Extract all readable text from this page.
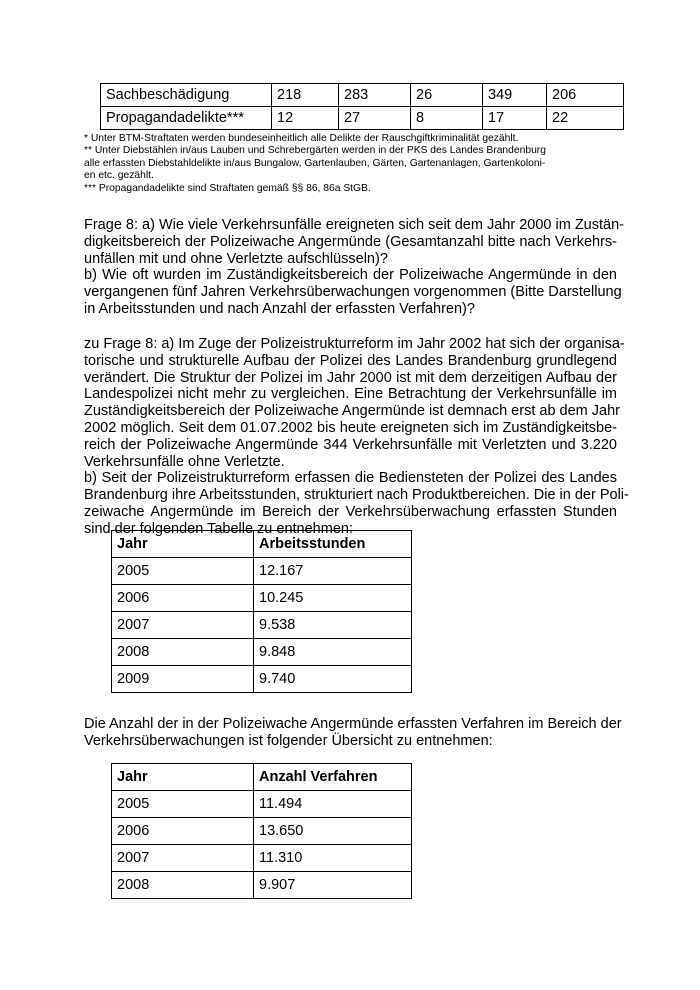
	Sachbeschädigung	218	283	26	349	206
	Propagandadelikte***	12	27	8	17	22
* Unter BTM-Straftaten werden bundeseinheitlich alle Delikte der Rauschgiftkriminalität gezählt.
** Unter Diebstählen in/aus Lauben und Schrebergärten werden in der PKS des Landes Brandenburg
alle erfassten Diebstahldelikte in/aus Bungalow, Gartenlauben, Gärten, Gartenanlagen, Gartenkoloni-
en etc. gezählt.
*** Propagandadelikte sind Straftaten gemäß §§ 86, 86a StGB.
Frage 8: a) Wie viele Verkehrsunfälle ereigneten sich seit dem Jahr 2000 im Zustän-
digkeitsbereich der Polizeiwache Angermünde (Gesamtanzahl bitte nach Verkehrs-
unfällen mit und ohne Verletzte aufschlüsseln)?
b) Wie oft wurden im Zuständigkeitsbereich der Polizeiwache Angermünde in den
vergangenen fünf Jahren Verkehrsüberwachungen vorgenommen (Bitte Darstellung
in Arbeitsstunden und nach Anzahl der erfassten Verfahren)?
zu Frage 8: a) Im Zuge der Polizeistrukturreform im Jahr 2002 hat sich der organisa-
torische und strukturelle Aufbau der Polizei des Landes Brandenburg grundlegend
verändert. Die Struktur der Polizei im Jahr 2000 ist mit dem derzeitigen Aufbau der
Landespolizei nicht mehr zu vergleichen. Eine Betrachtung der Verkehrsunfälle im
Zuständigkeitsbereich der Polizeiwache Angermünde ist demnach erst ab dem Jahr
2002 möglich. Seit dem 01.07.2002 bis heute ereigneten sich im Zuständigkeitsbe-
reich der Polizeiwache Angermünde 344 Verkehrsunfälle mit Verletzten und 3.220
Verkehrsunfälle ohne Verletzte.
b) Seit der Polizeistrukturreform erfassen die Bediensteten der Polizei des Landes
Brandenburg ihre Arbeitsstunden, strukturiert nach Produktbereichen. Die in der Poli-
zeiwache Angermünde im Bereich der Verkehrsüberwachung erfassten Stunden
sind der folgenden Tabelle zu entnehmen:
Jahr	Arbeitsstunden
2005	12.167
2006	10.245
2007	9.538
2008	9.848
2009	9.740
Die Anzahl der in der Polizeiwache Angermünde erfassten Verfahren im Bereich der
Verkehrsüberwachungen ist folgender Übersicht zu entnehmen:
Jahr	Anzahl Verfahren
2005	11.494
2006	13.650
2007	11.310
2008	9.907
